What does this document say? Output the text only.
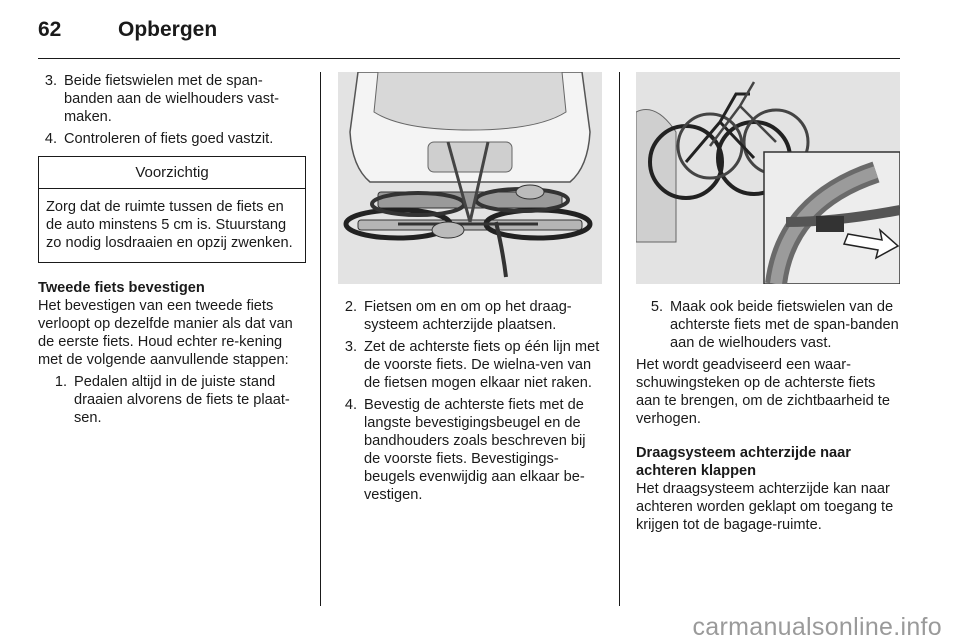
62	Opbergen
3. Beide fietswielen met de span-banden aan de wielhouders vast-maken.
4. Controleren of fiets goed vastzit.
Voorzichtig
Zorg dat de ruimte tussen de fiets en de auto minstens 5 cm is. Stuurstang zo nodig losdraaien en opzij zwenken.
Tweede fiets bevestigen

Het bevestigen van een tweede fiets verloopt op dezelfde manier als dat van de eerste fiets. Houd echter re-kening met de volgende aanvullende stappen:

1. Pedalen altijd in de juiste stand draaien alvorens de fiets te plaat-sen.
2. Fietsen om en om op het draag-systeem achterzijde plaatsen.
3. Zet de achterste fiets op één lijn met de voorste fiets. De wielna-ven van de fietsen mogen elkaar niet raken.
4. Bevestig de achterste fiets met de langste bevestigingsbeugel en de bandhouders zoals beschreven bij de voorste fiets. Bevestigings-beugels evenwijdig aan elkaar be-vestigen.
5. Maak ook beide fietswielen van de achterste fiets met de span-banden aan de wielhouders vast.

Het wordt geadviseerd een waar-schuwingsteken op de achterste fiets aan te brengen, om de zichtbaarheid te verhogen.

Draagsysteem achterzijde naar achteren klappen

Het draagsysteem achterzijde kan naar achteren worden geklapt om toegang te krijgen tot de bagage-ruimte.

carmanualsonline.info
